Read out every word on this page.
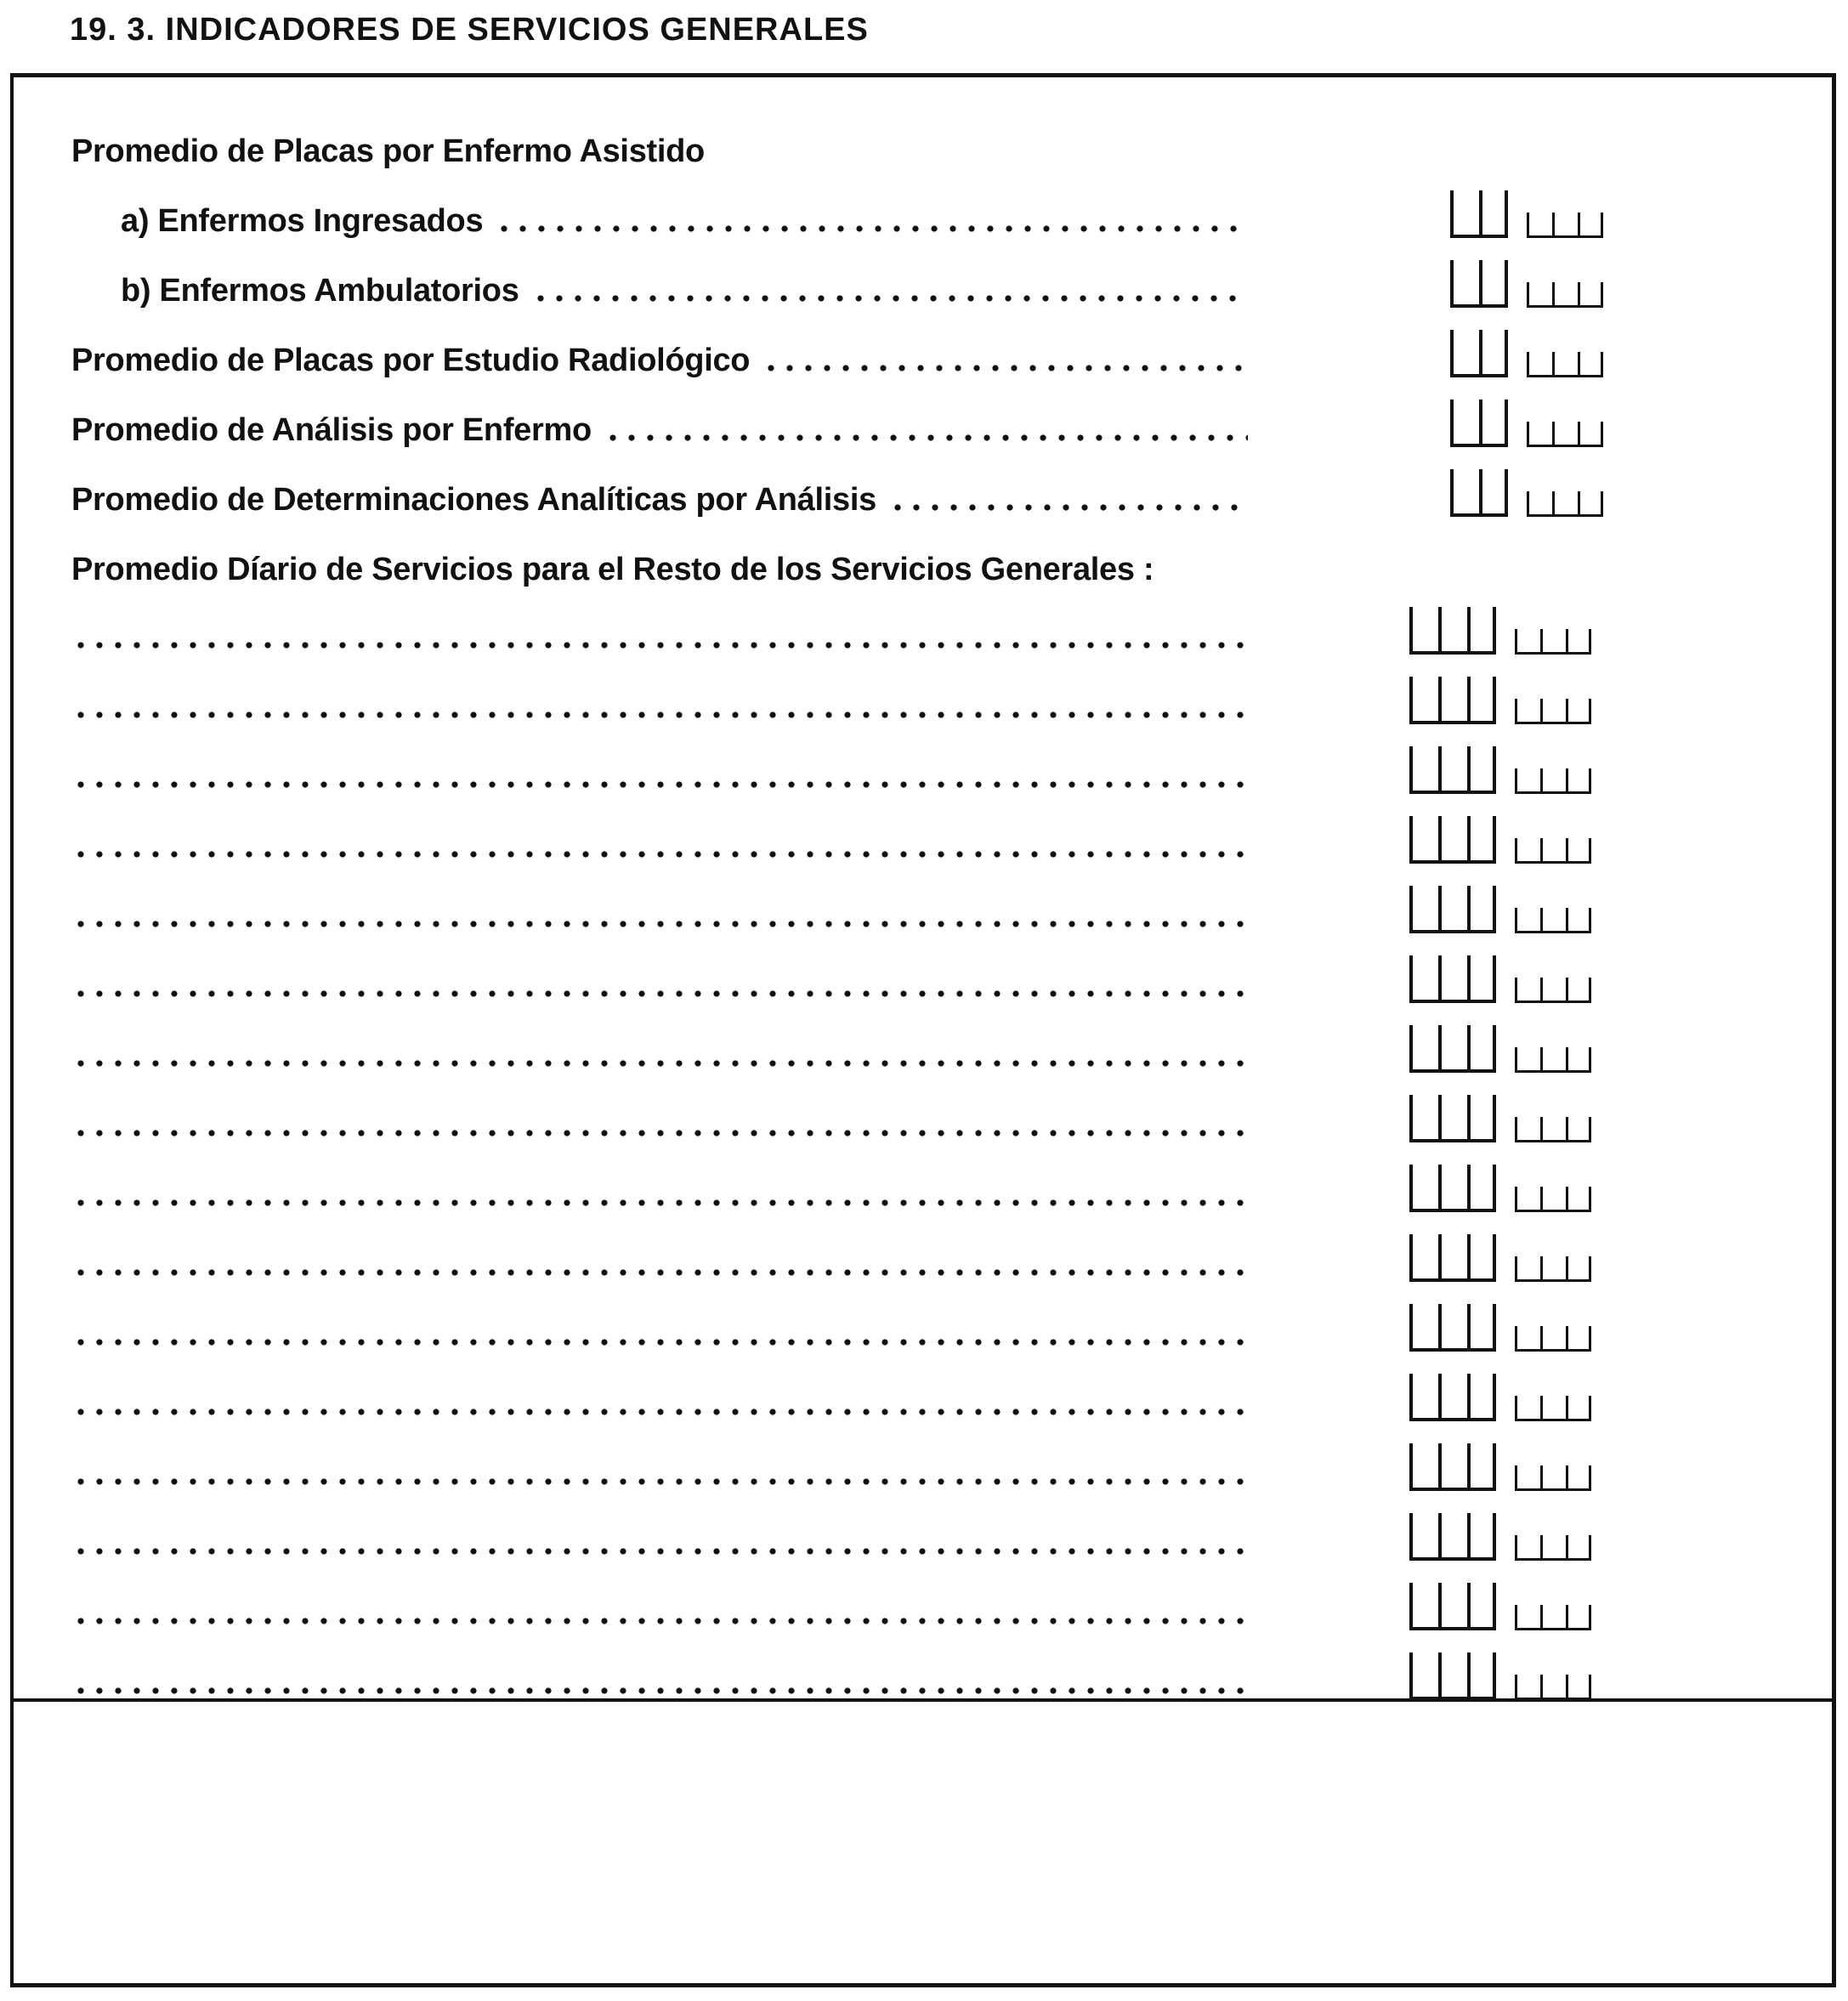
19. 3. INDICADORES DE SERVICIOS GENERALES
Promedio de Placas por Enfermo Asistido
a) Enfermos Ingresados
b) Enfermos Ambulatorios
Promedio de Placas por Estudio Radiológico
Promedio de Análisis por Enfermo
Promedio de Determinaciones Analíticas por Análisis
Promedio Díario de Servicios para el Resto de los Servicios Generales :
